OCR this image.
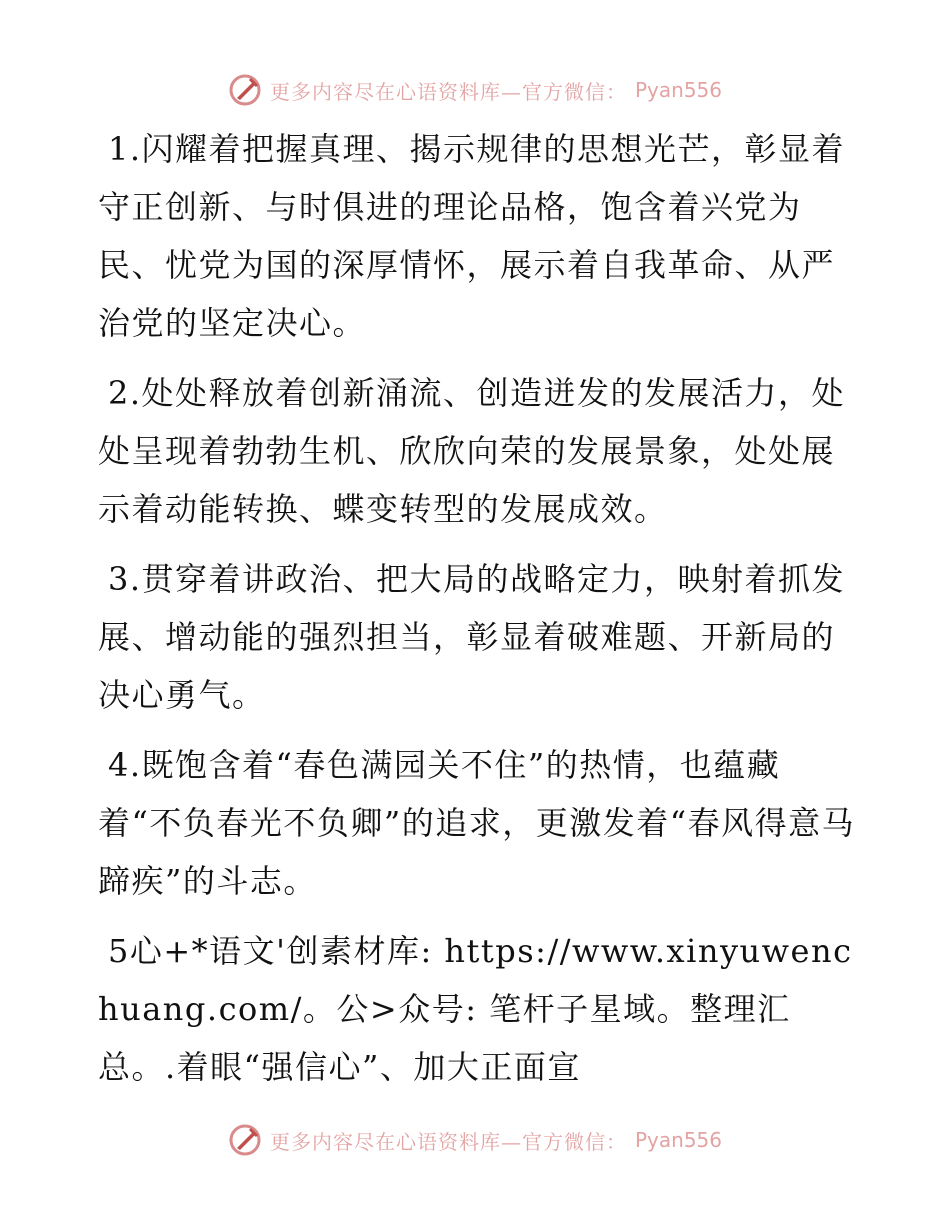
更多内容尽在心语资料库—官方微信： Pyan556

1.闪耀着把握真理、揭示规律的思想光芒，彰显着守正创新、与时俱进的理论品格，饱含着兴党为民、忧党为国的深厚情怀，展示着自我革命、从严治党的坚定决心。

2.处处释放着创新涌流、创造迸发的发展活力，处处呈现着勃勃生机、欣欣向荣的发展景象，处处展示着动能转换、蝶变转型的发展成效。

3.贯穿着讲政治、把大局的战略定力，映射着抓发展、增动能的强烈担当，彰显着破难题、开新局的决心勇气。

4.既饱含着“春色满园关不住”的热情，也蕴藏着“不负春光不负卿”的追求，更激发着“春风得意马蹄疾”的斗志。

5心+*语文'创素材库: https://www.xinyuwenchuang.com/。公>众号: 笔杆子星域。整理汇总。.着眼“强信心”、加大正面宣

更多内容尽在心语资料库—官方微信： Pyan556
